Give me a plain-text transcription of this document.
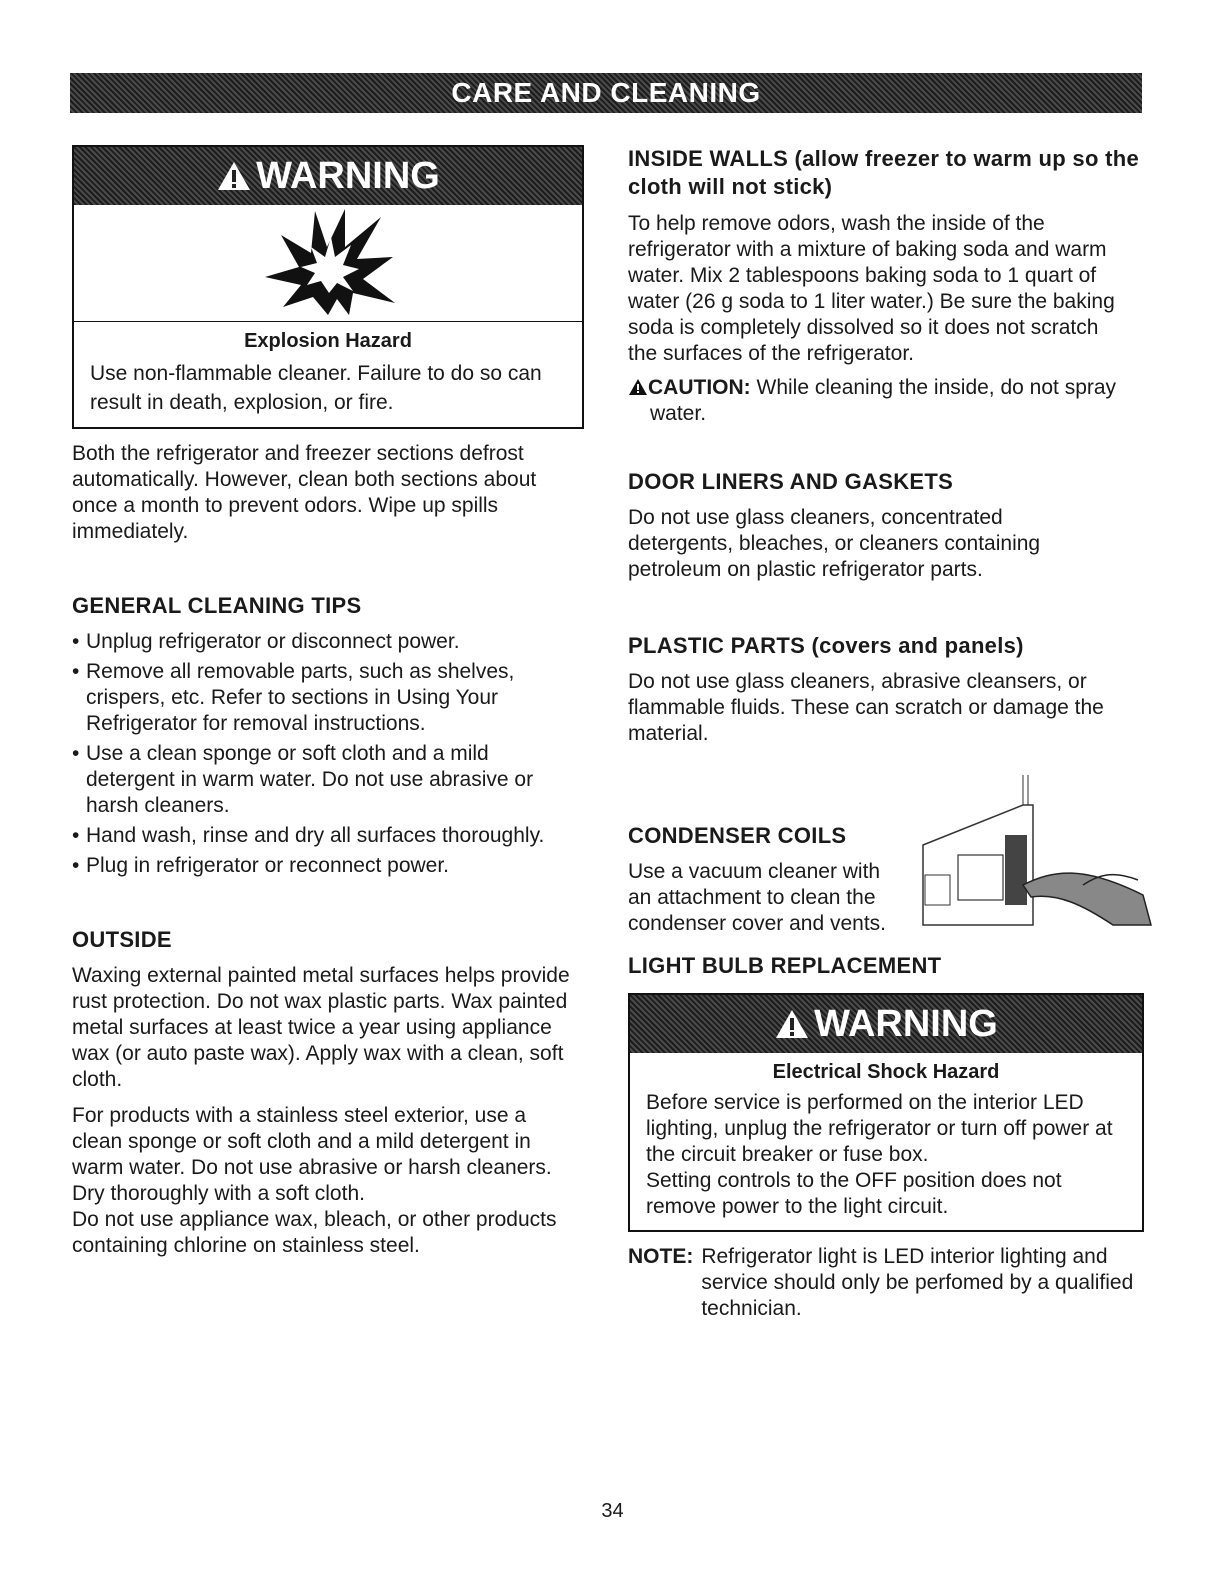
CARE AND CLEANING
WARNING
Explosion Hazard

Use non-flammable cleaner. Failure to do so can result in death, explosion, or fire.

Both the refrigerator and freezer sections defrost automatically. However, clean both sections about once a month to prevent odors. Wipe up spills immediately.

GENERAL CLEANING TIPS
• Unplug refrigerator or disconnect power.
• Remove all removable parts, such as shelves, crispers, etc. Refer to sections in Using Your Refrigerator for removal instructions.
• Use a clean sponge or soft cloth and a mild detergent in warm water. Do not use abrasive or harsh cleaners.
• Hand wash, rinse and dry all surfaces thoroughly.
• Plug in refrigerator or reconnect power.
OUTSIDE

Waxing external painted metal surfaces helps provide rust protection. Do not wax plastic parts. Wax painted metal surfaces at least twice a year using appliance wax (or auto paste wax). Apply wax with a clean, soft cloth.

For products with a stainless steel exterior, use a clean sponge or soft cloth and a mild detergent in warm water. Do not use abrasive or harsh cleaners. Dry thoroughly with a soft cloth.

Do not use appliance wax, bleach, or other products containing chlorine on stainless steel.

INSIDE WALLS (allow freezer to warm up so the cloth will not stick)

To help remove odors, wash the inside of the refrigerator with a mixture of baking soda and warm water. Mix 2 tablespoons baking soda to 1 quart of water (26 g soda to 1 liter water.) Be sure the baking soda is completely dissolved so it does not scratch the surfaces of the refrigerator.

CAUTION: While cleaning the inside, do not spray water.
DOOR LINERS AND GASKETS

Do not use glass cleaners, concentrated detergents, bleaches, or cleaners containing petroleum on plastic refrigerator parts.

PLASTIC PARTS (covers and panels)

Do not use glass cleaners, abrasive cleansers, or flammable fluids. These can scratch or damage the material.

CONDENSER COILS

Use a vacuum cleaner with an attachment to clean the condenser cover and vents.

LIGHT BULB REPLACEMENT
WARNING
Electrical Shock Hazard

Before service is performed on the interior LED lighting, unplug the refrigerator or turn off power at the circuit breaker or fuse box.

Setting controls to the OFF position does not remove power to the light circuit.

NOTE: Refrigerator light is LED interior lighting and service should only be perfomed by a qualified technician.
34
